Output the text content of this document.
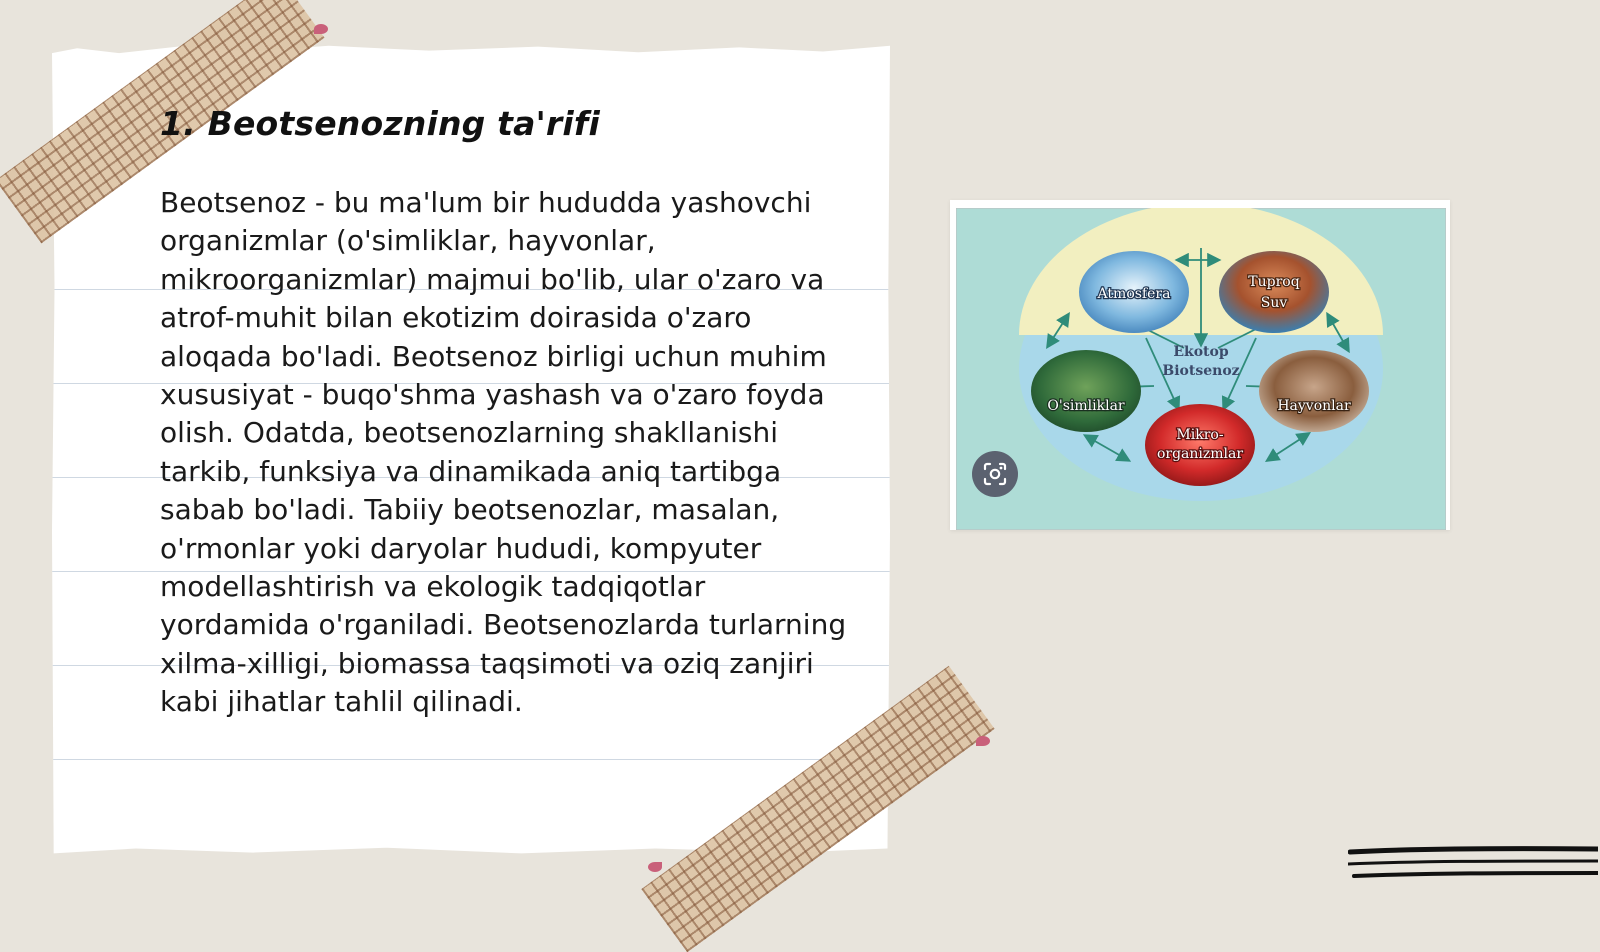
1. Beotsenozning ta'rifi

Beotsenoz - bu ma'lum bir hududda yashovchi organizmlar (o'simliklar, hayvonlar, mikroorganizmlar) majmui bo'lib, ular o'zaro va atrof-muhit bilan ekotizim doirasida o'zaro aloqada bo'ladi. Beotsenoz birligi uchun muhim xususiyat - buqo'shma yashash va o'zaro foyda olish. Odatda, beotsenozlarning shakllanishi tarkib, funksiya va dinamikada aniq tartibga sabab bo'ladi. Tabiiy beotsenozlar, masalan, o'rmonlar yoki daryolar hududi, kompyuter modellashtirish va ekologik tadqiqotlar yordamida o'rganiladi. Beotsenozlarda turlarning xilma-xilligi, biomassa taqsimoti va oziq zanjiri kabi jihatlar tahlil qilinadi.

Ekotop
Biotsenoz
Atmosfera
Tuproq
Suv
O'simliklar	Hayvonlar
Mikro-
organizmlar
